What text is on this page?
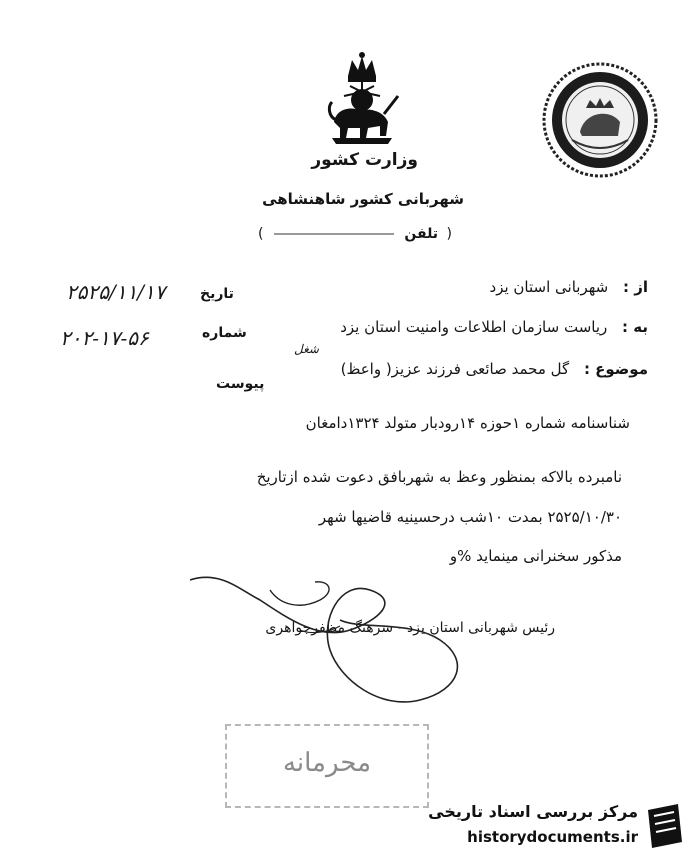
وزارت کشور
شهربانی کشور شاهنشاهی
( تلفن  )
تاریخ
۲۵۲۵/۱۱/۱۷
شماره
۲۰۲-۱۷-۵۶
پیوست
از : شهربانی استان یزد
به : ریاست سازمان اطلاعات وامنیت استان یزد
شغل
موضوع : گل محمد صائعی فرزند عزیز( واعظ)
شناسنامه شماره ۱حوزه ۱۴رودبار متولد ۱۳۲۴دامغان
نامبرده بالاکه بمنظور وعظ به شهربافق دعوت شده ازتاریخ
۲۵۲۵/۱۰/۳۰ بمدت ۱۰شب درحسینیه قاضیها شهر
مذکور سخنرانی مینماید %و
رئیس شهربانی استان یزد - سرهنگ مظفرجواهری
محرمانه
مرکز بررسی اسناد تاریخی
historydocuments.ir
